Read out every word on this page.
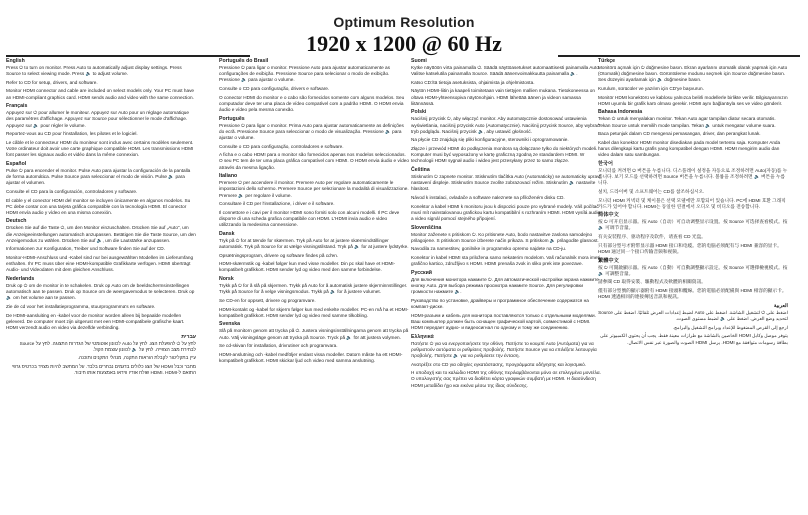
Optimum Resolution
1920 x 1200 @ 60 Hz
English
Press ⏻ to turn on monitor. Press Auto to automatically adjust display settings. Press Source to select viewing mode. Press 🔈 to adjust volume.
Refer to CD for setup, drivers, and software.
Monitor HDMI connector and cable are included on select models only. Your PC must have an HDMI-compliant graphics card. HDMI sends audio and video with the same connection.
Français
Appuyez sur ⏻ pour allumer le moniteur. Appuyez sur Auto pour un réglage automatique des paramètres d'affichage. Appuyez sur Source pour sélectionner le mode d'affichage. Appuyez sur 🔈 pour régler le volume.
Reportez-vous au CD pour l'installation, les pilotes et le logiciel.
Le câble et le connecteur HDMI du moniteur sont inclus avec certains modèles seulement. Votre ordinateur doit avoir une carte graphique compatible HDMI. Les transmissions HDMI font passer les signaux audio et vidéo dans la même connexion.
Español
Pulse ⏻ para encender el monitor. Pulse Auto para ajustar la configuración de la pantalla de forma automática. Pulse Source para seleccionar el modo de visión. Pulse 🔈 para ajustar el volumen.
Consulte el CD para la configuración, controladores y software.
El cable y el conector HDMI del monitor se incluyen únicamente en algunos modelos. Su PC debe contar con una tarjeta gráfica compatible con la tecnología HDMI. El conector HDMI envía audio y vídeo en una misma conexión.
Deutsch
Drücken Sie auf die Taste ⏻, um den Monitor einzuschalten. Drücken Sie auf „Auto“, um die Anzeigeeinstellungen automatisch anzupassen. Betätigen Sie die Taste Source, um den Anzeigemodus zu wählen. Drücken Sie auf 🔈, um die Lautstärke anzupassen.
Informationen zur Konfiguration, Treiber und Software finden Sie auf der CD.
Monitor-HDMI-Anschluss und -Kabel sind nur bei ausgewählten Modellen im Lieferumfang enthalten. Ihr PC muss über eine HDMI-kompatible Grafikkarte verfügen. HDMI überträgt Audio- und Videodaten mit dem gleichen Anschluss.
Nederlands
Druk op ⏻ om de monitor in te schakelen. Druk op Auto om de beeldschermsinstellingen automatisch aan te passen. Druk op Source om de weergavemodus te selecteren. Druk op 🔈 om het volume aan te passen.
Zie de cd voor het installatieprogramma, stuurprogramma's en software.
De HDMI-aansluiting en -kabel voor de monitor worden alleen bij bepaalde modellen geleverd. De computer moet zijn uitgerust met een HDMI-compatibele grafische kaart. HDMI verzendt audio en video via dezelfde verbinding.
עברית
לחץ על ⏻ להפעלת הצג. לחץ על Auto לכוונון אוטומטי של הגדרות התצוגה. לחץ על Source לבחירת מצב הצפייה. לחץ על 🔈 לכוונון עוצמת הקול.
עיין בתקליטור לקבלת הוראות התקנה, מנהלי התקנים ותוכנה.
מחבר וכבל HDMI של הצג כלולים בדגמים נבחרים בלבד. על המחשב להיות מצויד בכרטיס גרפי התואם ל-HDMI. HDMI שולח אודיו ווידאו באמצעות אותו חיבור.
Português do Brasil
Pressione ⏻ para ligar o monitor. Pressione Auto para ajustar automaticamente as configurações de exibição. Pressione Source para selecionar o modo de exibição. Pressione 🔈 para ajustar o volume.
Consulte o CD para configuração, drivers e software.
O conector HDMI do monitor e o cabo são fornecidos somente com alguns modelos. Seu computador deve ter uma placa de vídeo compatível com a padrão HDMI. O HDMI envia áudio e vídeo pela mesma conexão.
Português
Pressione ⏻ para ligar o monitor. Prima Auto para ajustar automaticamente as definições do ecrã. Pressione Source para seleccionar o modo de visualização. Pressione 🔈 para ajustar o volume.
Consulte o CD para configuração, controladores e software.
A ficha e o cabo HDMI para o monitor são fornecidos apenas nos modelos seleccionados. O seu PC tem de ter uma placa gráfica compatível com HDMI. O HDMI envia áudio e vídeo através da mesma ligação.
Italiano
Premere ⏻ per accendere il monitor. Premere Auto per regolare automaticamente le impostazioni dello schermo. Premere Source per selezionare la modalità di visualizzazione. Premere 🔈 per regolare il volume.
Consultare il CD per l'installazione, i driver e il software.
Il connettore e i cavi per il monitor HDMI sono forniti solo con alcuni modelli. Il PC deve disporre di una scheda grafica compatibile con HDMI. L'HDMI invia audio e video utilizzando la medesima connessione.
Dansk
Tryk på ⏻ for at tænde for skærmen. Tryk på Auto for at justere skærmindstillinger automatisk. Tryk på Source for at vælge visningstilstand. Tryk på 🔈 for at justere lydstyrke.
Opsætningsprogram, drivere og software findes på cd'en.
HDMI-skærmstik og -kabel følger kun med visse modeller. Din pc skal have et HDMI-kompatibelt grafikkort. HDMI sender lyd og video med den samme forbindelse.
Norsk
Trykk på ⏻ for å slå på skjermen. Trykk på Auto for å automatisk justere skjerminnstillinger. Trykk på Source for å velge visningsmodus. Trykk på 🔈 for å justere volumet.
Se CD-en for oppsett, drivere og programvare.
HDMI-kontakt og -kabel for skjerm følger kun med enkelte modeller. PC-en må ha et HDMI-kompatibelt grafikkort. HDMI sender lyd og video med samme tilkobling.
Svenska
Slå på monitorn genom att trycka på ⏻. Justera visningsinställningarna genom att trycka på Auto. Välj visningsläge genom att trycka på Source. Tryck på 🔈 för att justera volymen.
Se cd-skivan för installation, drivrutiner och programvara.
HDMI-anslutning och -kabel medföljer endast vissa modeller. Datorn måste ha ett HDMI-kompatibelt grafikkort. HDMI skickar ljud och video med samma anslutning.
Suomi
Kytke näyttöön virta painamalla ⏻. Säädä näyttöasetukset automaattisesti painamalla Auto. Valitse katselutila painamalla Source. Säädä äänenvoimakkuutta painamalla 🔈.
Katso CD:ltä tietoja asetuksista, ohjaimista ja ohjelmistosta.
Näytön HDMI-liitin ja kaapeli toimitetaan vain tiettyjen mallien mukana. Tietokoneessa on oltava HDMI-yhteensopiva näytönohjain. HDMI lähettää äänen ja videon samassa liitännässä.
Polski
Naciśnij przycisk ⏻, aby włączyć monitor. Aby automatycznie dostosować ustawienia wyświetlania, naciśnij przycisk Auto (Automatycznie). Naciśnij przycisk Source, aby wybrać tryb podglądu. Naciśnij przycisk 🔈, aby ustawić głośność.
Na płycie CD znajdują się pliki konfiguracyjne, sterowniki i oprogramowanie.
Złącze i przewód HDMI do podłączenia monitora są dołączane tylko do niektórych modeli. Komputer musi być wyposażony w kartę graficzną zgodną ze standardem HDMI. W technologii HDMI sygnał audio i wideo jest przesyłany przez to samo złącze.
Čeština
Stisknutím ⏻ zapnete monitor. Stisknutím tlačítka Auto (Automaticky) se automaticky upraví nastavení displeje. Stisknutím Source zvolíte zobrazovací režim. Stisknutím 🔈 nastavíte hlasitost.
Návod k instalaci, ovladače a software naleznete na přiloženém disku CD.
Konektor a kabel HDMI k monitoru jsou k dispozici pouze pro vybrané modely. Váš počítač musí mít nainstalovanou grafickou kartu kompatibilní s rozhraním HDMI. HDMI vysílá audio a video signál pomocí stejného připojení.
Slovenščina
Monitor zaženete s pritiskom ⏻. Ko pritisnete Auto, bodo nastavitve zaslona samodejno prilagojene. S pritiskom Source izberete način prikaza. S pritiskom 🔈 prilagodite glasnost.
Navodila za namestitev, gonilnike in programsko opremo najdete na CD-ju.
Konektor in kabel HDMI sta priložena samo nekaterim modelom. Vaš računalnik mora imeti grafično kartico, združljivo s HDMI. HDMI prenaša zvok in sliko prek iste povezave.
Русский
Для включения монитора нажмите ⏻. Для автоматической настройки экрана нажмите кнопку Auto. Для выбора режима просмотра нажмите Source. Для регулировки громкости нажмите 🔈.
Руководство по установке, драйверы и программное обеспечение содержатся на компакт-диске.
HDMI-разъем и кабель для монитора поставляются только с отдельными моделями. Ваш компьютер должен быть оснащен графической картой, совместимой с HDMI. HDMI передает аудио- и видеосигнал по одному и тому же соединению.
Ελληνικά
Πατήστε ⏻ για να ενεργοποιήσετε την οθόνη. Πατήστε το κουμπί Auto (Αυτόματα) για να ρυθμιστούν αυτόματα οι ρυθμίσεις προβολής. Πατήστε Source για να επιλέξετε λειτουργία προβολής. Πατήστε 🔈 για να ρυθμίσετε την ένταση.
Ανατρέξτε στο CD για οδηγίες εγκατάστασης, προγράμματα οδήγησης και λογισμικό.
Η υποδοχή και το καλώδιο HDMI της οθόνης περιλαμβάνονται μόνο σε επιλεγμένα μοντέλα. Ο υπολογιστής σας πρέπει να διαθέτει κάρτα γραφικών συμβατή με HDMI. Η διασύνδεση HDMI μεταδίδει ήχο και εικόνα μέσω της ίδιας σύνδεσης.
Türkçe
Monitörü açmak için ⏻ düğmesine basın. Ekran ayarlarını otomatik olarak yapmak için Auto (Otomatik) düğmesine basın. Görüntüleme modunu seçmek için Source düğmesine basın. Ses düzeyini ayarlamak için 🔈 düğmesine basın.
Kurulum, sürücüler ve yazılım için CD'ye başvurun.
Monitör HDMI konektörü ve kablosu yalnızca belirli modellerle birlikte verilir. Bilgisayarınızın HDMI uyumlu bir grafik kartı olması gerekir. HDMI aynı bağlantıyla ses ve video gönderir.
Bahasa Indonesia
Tekan ⏻ untuk menyalakan monitor. Tekan Auto agar tampilan diatur secara otomatis. Tekan Source untuk memilih mode tampilan. Tekan 🔈 untuk mengatur volume suara.
Baca petunjuk dalam CD mengenai pemasangan, driver, dan perangkat lunak.
Kabel dan konektor HDMI monitor disediakan pada model tertentu saja. Komputer Anda harus dilengkapi kartu grafis yang kompatibel dengan HDMI. HDMI mengirim audio dan video dalam satu sambungan.
한국어
모니터를 켜려면 ⏻ 버튼을 누릅니다. 디스플레이 설정을 자동으로 조정하려면 Auto(자동)를 누릅니다. 보기 모드를 선택하려면 Source 버튼을 누릅니다. 볼륨을 조정하려면 🔈 버튼을 누릅니다.
설치, 드라이버 및 소프트웨어는 CD를 참조하십시오.
모니터 HDMI 커넥터 및 케이블은 선택 모델에만 포함되어 있습니다. PC에 HDMI 호환 그래픽 카드가 있어야 합니다. HDMI는 동일한 연결에서 오디오 및 비디오를 전송합니다.
简体中文
按 ⏻ 可开启显示器。按 Auto（自动）可自动调整显示设置。按 Source 可选择查看模式。按 🔈 可调节音量。
有关安装程序、驱动程序及软件，请查看 CD 光盘。
只有部分型号才附带显示器 HDMI 接口和电缆。您的电脑必须配有与 HDMI 兼容的显卡。HDMI 通过同一个接口传输音频和视频。
繁體中文
按 ⏻ 可開啟顯示器。按 Auto（自動）可自動調整顯示設定。按 Source 可選擇檢視模式。按 🔈 可調整音量。
請參閱 CD 取得安裝、驅動程式及軟體的相關資訊。
僅有部分型號的顯示器附有 HDMI 接頭和纜線。您的電腦必須配備與 HDMI 相容的顯示卡。HDMI 透過相同的連接傳送音訊和視訊。
العربية
اضغط على ⏻ لتشغيل الشاشة. اضغط على Auto لضبط إعدادات العرض تلقائيًا. اضغط على Source لتحديد وضع العرض. اضغط على 🔈 لضبط مستوى الصوت.
ارجع إلى القرص المضغوط للإعداد وبرامج التشغيل والبرامج.
يتوفر موصل وكابل HDMI الخاصين بالشاشة مع طرازات معينة فقط. يجب أن يحتوي الكمبيوتر على بطاقة رسومات متوافقة مع HDMI. يرسل HDMI الصوت والصورة عبر نفس الاتصال.
